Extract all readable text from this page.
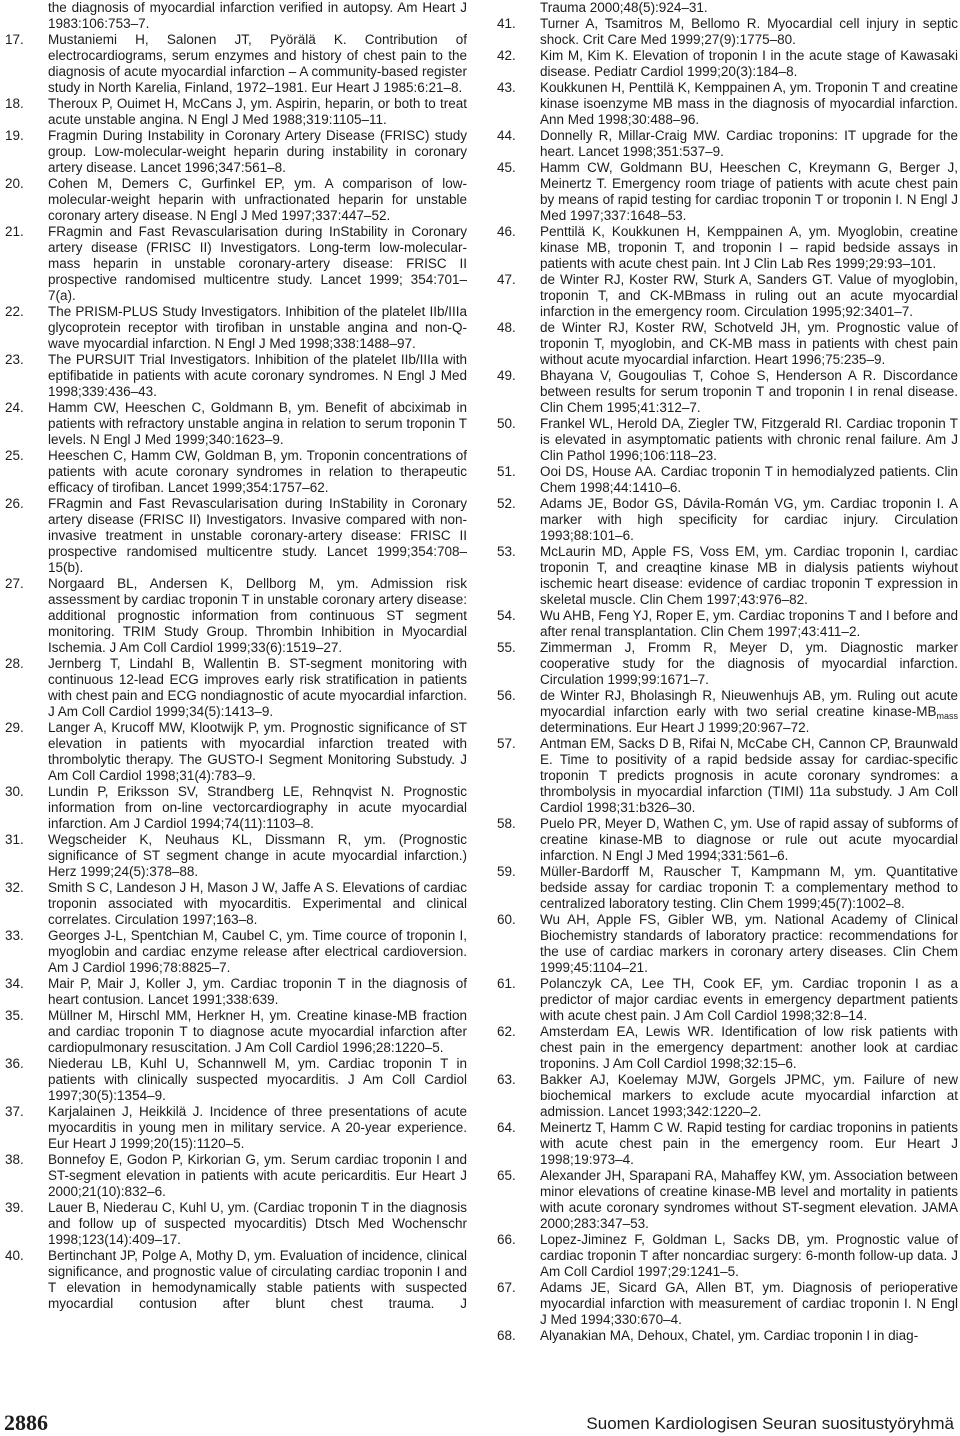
the diagnosis of myocardial infarction verified in autopsy. Am Heart J 1983:106:753–7.
17. Mustaniemi H, Salonen JT, Pyörälä K. Contribution of electrocardiograms, serum enzymes and history of chest pain to the diagnosis of acute myocardial infarction – A community-based register study in North Karelia, Finland, 1972–1981. Eur Heart J 1985:6:21–8.
18. Theroux P, Ouimet H, McCans J, ym. Aspirin, heparin, or both to treat acute unstable angina. N Engl J Med 1988;319:1105–11.
19. Fragmin During Instability in Coronary Artery Disease (FRISC) study group. Low-molecular-weight heparin during instability in coronary artery disease. Lancet 1996;347:561–8.
20. Cohen M, Demers C, Gurfinkel EP, ym. A comparison of low-molecular-weight heparin with unfractionated heparin for unstable coronary artery disease. N Engl J Med 1997;337:447–52.
21. FRagmin and Fast Revascularisation during InStability in Coronary artery disease (FRISC II) Investigators. Long-term low-molecular-mass heparin in unstable coronary-artery disease: FRISC II prospective randomised multicentre study. Lancet 1999; 354:701–7(a).
22. The PRISM-PLUS Study Investigators. Inhibition of the platelet IIb/IIIa glycoprotein receptor with tirofiban in unstable angina and non-Q-wave myocardial infarction. N Engl J Med 1998;338:1488–97.
23. The PURSUIT Trial Investigators. Inhibition of the platelet IIb/IIIa with eptifibatide in patients with acute coronary syndromes. N Engl J Med 1998;339:436–43.
24. Hamm CW, Heeschen C, Goldmann B, ym. Benefit of abciximab in patients with refractory unstable angina in relation to serum troponin T levels. N Engl J Med 1999;340:1623–9.
25. Heeschen C, Hamm CW, Goldman B, ym. Troponin concentrations of patients with acute coronary syndromes in relation to therapeutic efficacy of tirofiban. Lancet 1999;354:1757–62.
26. FRagmin and Fast Revascularisation during InStability in Coronary artery disease (FRISC II) Investigators. Invasive compared with non-invasive treatment in unstable coronary-artery disease: FRISC II prospective randomised multicentre study. Lancet 1999;354:708–15(b).
27. Norgaard BL, Andersen K, Dellborg M, ym. Admission risk assessment by cardiac troponin T in unstable coronary artery disease: additional prognostic information from continuous ST segment monitoring. TRIM Study Group. Thrombin Inhibition in Myocardial Ischemia. J Am Coll Cardiol 1999;33(6):1519–27.
28. Jernberg T, Lindahl B, Wallentin B. ST-segment monitoring with continuous 12-lead ECG improves early risk stratification in patients with chest pain and ECG nondiagnostic of acute myocardial infarction. J Am Coll Cardiol 1999;34(5):1413–9.
29. Langer A, Krucoff MW, Klootwijk P, ym. Prognostic significance of ST elevation in patients with myocardial infarction treated with thrombolytic therapy. The GUSTO-I Segment Monitoring Substudy. J Am Coll Cardiol 1998;31(4):783–9.
30. Lundin P, Eriksson SV, Strandberg LE, Rehnqvist N. Prognostic information from on-line vectorcardiography in acute myocardial infarction. Am J Cardiol 1994;74(11):1103–8.
31. Wegscheider K, Neuhaus KL, Dissmann R, ym. (Prognostic significance of ST segment change in acute myocardial infarction.) Herz 1999;24(5):378–88.
32. Smith S C, Landeson J H, Mason J W, Jaffe A S. Elevations of cardiac troponin associated with myocarditis. Experimental and clinical correlates. Circulation 1997;163–8.
33. Georges J-L, Spentchian M, Caubel C, ym. Time cource of troponin I, myoglobin and cardiac enzyme release after electrical cardioversion. Am J Cardiol 1996;78:8825–7.
34. Mair P, Mair J, Koller J, ym. Cardiac troponin T in the diagnosis of heart contusion. Lancet 1991;338:639.
35. Müllner M, Hirschl MM, Herkner H, ym. Creatine kinase-MB fraction and cardiac troponin T to diagnose acute myocardial infarction after cardiopulmonary resuscitation. J Am Coll Cardiol 1996;28:1220–5.
36. Niederau LB, Kuhl U, Schannwell M, ym. Cardiac troponin T in patients with clinically suspected myocarditis. J Am Coll Cardiol 1997;30(5):1354–9.
37. Karjalainen J, Heikkilä J. Incidence of three presentations of acute myocarditis in young men in military service. A 20-year experience. Eur Heart J 1999;20(15):1120–5.
38. Bonnefoy E, Godon P, Kirkorian G, ym. Serum cardiac troponin I and ST-segment elevation in patients with acute pericarditis. Eur Heart J 2000;21(10):832–6.
39. Lauer B, Niederau C, Kuhl U, ym. (Cardiac troponin T in the diagnosis and follow up of suspected myocarditis) Dtsch Med Wochenschr 1998;123(14):409–17.
40. Bertinchant JP, Polge A, Mothy D, ym. Evaluation of incidence, clinical significance, and prognostic value of circulating cardiac troponin I and T elevation in hemodynamically stable patients with suspected myocardial contusion after blunt chest trauma. J
Trauma 2000;48(5):924–31.
41. Turner A, Tsamitros M, Bellomo R. Myocardial cell injury in septic shock. Crit Care Med 1999;27(9):1775–80.
42. Kim M, Kim K. Elevation of troponin I in the acute stage of Kawasaki disease. Pediatr Cardiol 1999;20(3):184–8.
43. Koukkunen H, Penttilä K, Kemppainen A, ym. Troponin T and creatine kinase isoenzyme MB mass in the diagnosis of myocardial infarction. Ann Med 1998;30:488–96.
44. Donnelly R, Millar-Craig MW. Cardiac troponins: IT upgrade for the heart. Lancet 1998;351:537–9.
45. Hamm CW, Goldmann BU, Heeschen C, Kreymann G, Berger J, Meinertz T. Emergency room triage of patients with acute chest pain by means of rapid testing for cardiac troponin T or troponin I. N Engl J Med 1997;337:1648–53.
46. Penttilä K, Koukkunen H, Kemppainen A, ym. Myoglobin, creatine kinase MB, troponin T, and troponin I – rapid bedside assays in patients with acute chest pain. Int J Clin Lab Res 1999;29:93–101.
47. de Winter RJ, Koster RW, Sturk A, Sanders GT. Value of myoglobin, troponin T, and CK-MBmass in ruling out an acute myocardial infarction in the emergency room. Circulation 1995;92:3401–7.
48. de Winter RJ, Koster RW, Schotveld JH, ym. Prognostic value of troponin T, myoglobin, and CK-MB mass in patients with chest pain without acute myocardial infarction. Heart 1996;75:235–9.
49. Bhayana V, Gougoulias T, Cohoe S, Henderson A R. Discordance between results for serum troponin T and troponin I in renal disease. Clin Chem 1995;41:312–7.
50. Frankel WL, Herold DA, Ziegler TW, Fitzgerald RI. Cardiac troponin T is elevated in asymptomatic patients with chronic renal failure. Am J Clin Pathol 1996;106:118–23.
51. Ooi DS, House AA. Cardiac troponin T in hemodialyzed patients. Clin Chem 1998;44:1410–6.
52. Adams JE, Bodor GS, Dávila-Román VG, ym. Cardiac troponin I. A marker with high specificity for cardiac injury. Circulation 1993;88:101–6.
53. McLaurin MD, Apple FS, Voss EM, ym. Cardiac troponin I, cardiac troponin T, and creaqtine kinase MB in dialysis patients wiyhout ischemic heart disease: evidence of cardiac troponin T expression in skeletal muscle. Clin Chem 1997;43:976–82.
54. Wu AHB, Feng YJ, Roper E, ym. Cardiac troponins T and I before and after renal transplantation. Clin Chem 1997;43:411–2.
55. Zimmerman J, Fromm R, Meyer D, ym. Diagnostic marker cooperative study for the diagnosis of myocardial infarction. Circulation 1999;99:1671–7.
56. de Winter RJ, Bholasingh R, Nieuwenhujs AB, ym. Ruling out acute myocardial infarction early with two serial creatine kinase-$MB_{mass}$ determinations. Eur Heart J 1999;20:967–72.
57. Antman EM, Sacks D B, Rifai N, McCabe CH, Cannon CP, Braunwald E. Time to positivity of a rapid bedside assay for cardiac-specific troponin T predicts prognosis in acute coronary syndromes: a thrombolysis in myocardial infarction (TIMI) 11a substudy. J Am Coll Cardiol 1998;31:b326–30.
58. Puelo PR, Meyer D, Wathen C, ym. Use of rapid assay of subforms of creatine kinase-MB to diagnose or rule out acute myocardial infarction. N Engl J Med 1994;331:561–6.
59. Müller-Bardorff M, Rauscher T, Kampmann M, ym. Quantitative bedside assay for cardiac troponin T: a complementary method to centralized laboratory testing. Clin Chem 1999;45(7):1002–8.
60. Wu AH, Apple FS, Gibler WB, ym. National Academy of Clinical Biochemistry standards of laboratory practice: recommendations for the use of cardiac markers in coronary artery diseases. Clin Chem 1999;45:1104–21.
61. Polanczyk CA, Lee TH, Cook EF, ym. Cardiac troponin I as a predictor of major cardiac events in emergency department patients with acute chest pain. J Am Coll Cardiol 1998;32:8–14.
62. Amsterdam EA, Lewis WR. Identification of low risk patients with chest pain in the emergency department: another look at cardiac troponins. J Am Coll Cardiol 1998;32:15–6.
63. Bakker AJ, Koelemay MJW, Gorgels JPMC, ym. Failure of new biochemical markers to exclude acute myocardial infarction at admission. Lancet 1993;342:1220–2.
64. Meinertz T, Hamm C W. Rapid testing for cardiac troponins in patients with acute chest pain in the emergency room. Eur Heart J 1998;19:973–4.
65. Alexander JH, Sparapani RA, Mahaffey KW, ym. Association between minor elevations of creatine kinase-MB level and mortality in patients with acute coronary syndromes without ST-segment elevation. JAMA 2000;283:347–53.
66. Lopez-Jiminez F, Goldman L, Sacks DB, ym. Prognostic value of cardiac troponin T after noncardiac surgery: 6-month follow-up data. J Am Coll Cardiol 1997;29:1241–5.
67. Adams JE, Sicard GA, Allen BT, ym. Diagnosis of perioperative myocardial infarction with measurement of cardiac troponin I. N Engl J Med 1994;330:670–4.
68. Alyanakian MA, Dehoux, Chatel, ym. Cardiac troponin I in diag-
2886	Suomen Kardiologisen Seuran suositustyöryhmä
